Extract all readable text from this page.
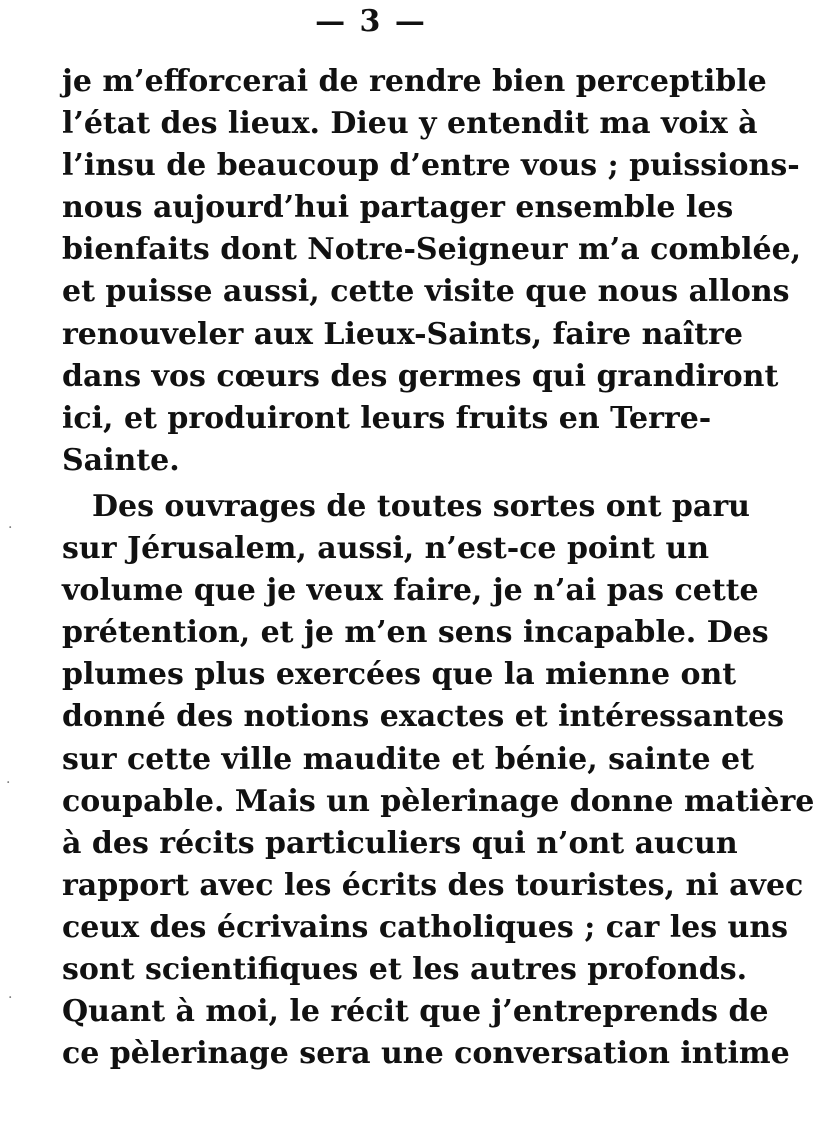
— 3 —
je m’efforcerai de rendre bien perceptible
l’état des lieux. Dieu y entendit ma voix à
l’insu de beaucoup d’entre vous ; puissions-
nous aujourd’hui partager ensemble les
bienfaits dont Notre-Seigneur m’a comblée,
et puisse aussi, cette visite que nous allons
renouveler aux Lieux-Saints, faire naître
dans vos cœurs des germes qui grandiront
ici, et produiront leurs fruits en Terre-
Sainte.
Des ouvrages de toutes sortes ont paru
sur Jérusalem, aussi, n’est-ce point un
volume que je veux faire, je n’ai pas cette
prétention, et je m’en sens incapable. Des
plumes plus exercées que la mienne ont
donné des notions exactes et intéressantes
sur cette ville maudite et bénie, sainte et
coupable. Mais un pèlerinage donne matière
à des récits particuliers qui n’ont aucun
rapport avec les écrits des touristes, ni avec
ceux des écrivains catholiques ; car les uns
sont scientifiques et les autres profonds.
Quant à moi, le récit que j’entreprends de
ce pèlerinage sera une conversation intime
·
·
·
